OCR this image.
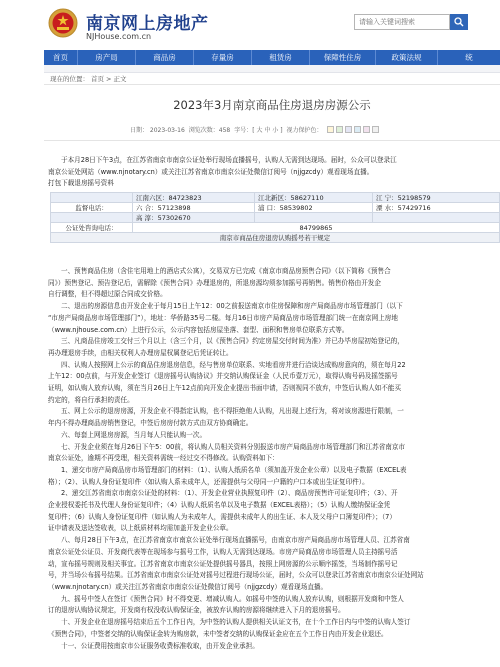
南京网上房地产
NJHouse.com.cn
请输入关键词搜索
首页	房产局	商品房	存量房	租赁房	保障性住房	政策法规	统
现在的位置： 首页 > 正文
2023年3月南京商品住房退房房源公示
日期： 2023-03-16 浏览次数：458 字号：[ 大 中 小 ] 视力保护色：

于本月28日下午3点，在江苏省南京市南京公证处举行现场直播摇号，认购人无需到达现场。届时，公众可以登录江

南京公证处网站（www.njnotary.cn）或关注江苏省南京市南京公证处微信订阅号（njjgzcdy）观看现场直播。

打包下载退房摇号资料

	江南六区：84723823	江北新区：58627110	江 宁：52198579
监督电话：	六 合：57123898	浦 口：58539802	溧 水：57429716
	高 淳：57302670		
公证处咨询电话：	84799865		
南京市商品住房退房认购摇号若干规定			

一、预售商品住房（含住宅用地上的酒店式公寓），交易双方已完成《南京市商品房预售合同》（以下简称《预售合

同》）预售登记、预告登记后，需解除《预售合同》办理退房的，所退房源均须参加摇号再销售。销售价格由开发企

自行调整，但不得超过原合同成交价格。

二、退出的房源信息由开发企业于每月15日上午12：00之前报送南京市住房保障和房产局商品房市场管理部门（以下

“市房产局商品房市场管理部门”），地址：华侨路35号二楼。每月16日市房产局商品房市场管理部门统一在南京网上房地

（www.njhouse.com.cn）上进行公示，公示内容包括房屋坐落、套型、面积和售房单位联系方式等。

三、凡商品住房竣工交付三个月以上（含三个月，以《预售合同》约定房屋交付时间为准）并已办毕房屋初始登记的，

再办理退房手续，由相关权利人办理房屋权属登记后凭证转让。

四、认购人按照网上公示的商品住房退房信息，经与售房单位联系、实地看房并进行洽谈达成购房意向的，须在每月22

上午12：00点前，与开发企业签订《退房摇号认购协议》并交纳认购保证金（人民币壹万元），取得认购号码及摇签摇号

证明，如认购人放弃认购，须在当月26日上午12点前向开发企业提出书面申请，否则视同不放弃，中签后认购人如不能买

约定的，将自行承担的责任。

五、网上公示的退房房源，开发企业不得指定认购，也不得拒绝他人认购，凡出现上述行为，将对该房源进行限制，一

年内不得办理商品房销售登记，中签后房房付款方式由双方协商确定。

六、每套上网退房房源，当月每人只能认购一次。

七、开发企业须在每月26日下午5：00前，将认购人员相关资料分别报送市房产局商品房市场管理部门和江苏省南京市

南京公证处，逾期不再受理，相关资料需统一经过交不得修改。认购资料如下：

1、递交市房产局商品房市场管理部门的材料：（1）、认购人纸质名单（须加盖开发企业公章）以及电子数据（EXCEL表

格）；（2）、认购人身份证复印件（如认购人系未成年人，还需提供与父母同一户籍的户口本或出生证复印件）。

2、递交江苏省南京市南京公证处的材料：（1）、开发企业营业执照复印件（2）、商品房预售许可证复印件；（3）、开

企业授权委托书及代理人身份证复印件；（4）认购人纸质名单以及电子数据（EXCEL表格）；（5）认购人缴纳保证金凭

复印件；（6）认购人身份证复印件（如认购人为未成年人，需提供未成年人的出生证、本人及父母户口簿复印件）；（7）

证申请表及送达签收表，以上纸质材料均需加盖开发企业公章。

八、每月28日下午3点，在江苏省南京市南京公证处举行现场直播摇号，由南京市房产局商品房市场管理人员、江苏省南

南京公证处公证员、开发商代表等在现场参与摇号工作，认购人无需到达现场。市房产局商品房市场管理人员主持摇号活

动，宣布摇号规则及相关事宜。江苏省南京市南京公证处提供摇号器具，按照上网房源的公示顺序摇签，当场制作摇号记

号，并当场公布摇号结果。江苏省南京市南京公证处对摇号过程进行现场公证，届时，公众可以登录江苏省南京市南京公证处网站

（www.njnotary.cn）或关注江苏省南京市南京公证处微信订阅号（njjgzcdy）观看现场直播。

九、摇号中签人在签订《预售合同》时不得变更、增减认购人。如摇号中签的认购人放弃认购，则根据开发商和中签人

订的退房认购协议规定，开发商有权没收认购保证金，被放弃认购的房源将继续进入下月的退房摇号。

十、开发企业在退房摇号结束后五个工作日内，为中签的认购人提供相关认证文书，在十个工作日内与中签的认购人签订

《预售合同》，中签者交纳的认购保证金转为购房款，未中签者交纳的认购保证金应在五个工作日内由开发企业退还。

十一、公证费用按南京市公证服务收费标准收取，由开发企业承担。
